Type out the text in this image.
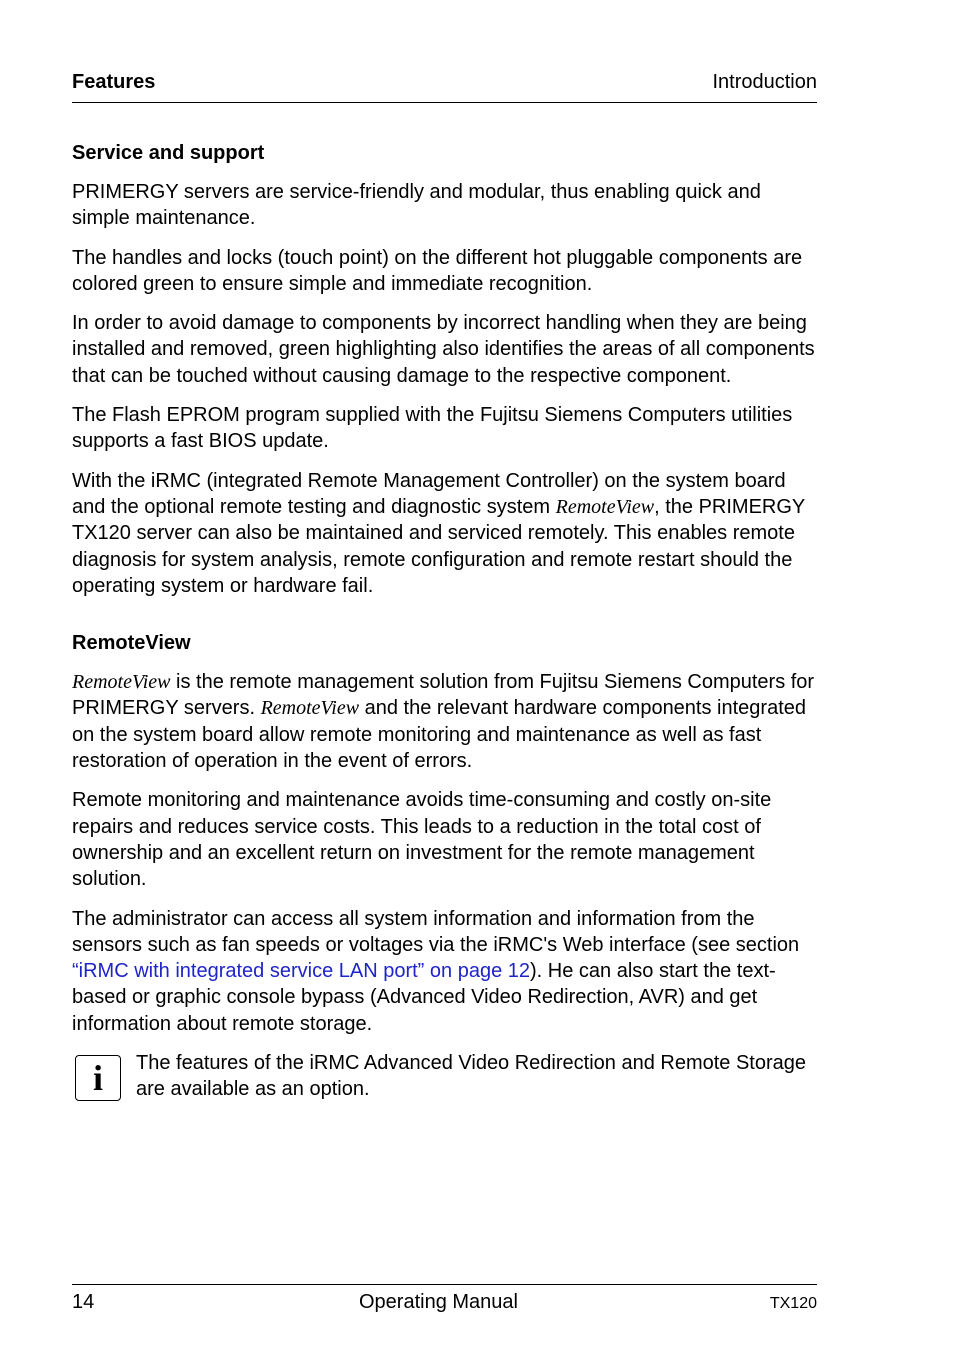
Features	Introduction
Service and support

PRIMERGY servers are service-friendly and modular, thus enabling quick and simple maintenance.

The handles and locks (touch point) on the different hot pluggable components are colored green to ensure simple and immediate recognition.

In order to avoid damage to components by incorrect handling when they are being installed and removed, green highlighting also identifies the areas of all components that can be touched without causing damage to the respective component.

The Flash EPROM program supplied with the Fujitsu Siemens Computers utilities supports a fast BIOS update.

With the iRMC (integrated Remote Management Controller) on the system board and the optional remote testing and diagnostic system RemoteView, the PRIMERGY TX120 server can also be maintained and serviced remotely. This enables remote diagnosis for system analysis, remote configuration and remote restart should the operating system or hardware fail.

RemoteView

RemoteView is the remote management solution from Fujitsu Siemens Computers for PRIMERGY servers. RemoteView and the relevant hardware components integrated on the system board allow remote monitoring and maintenance as well as fast restoration of operation in the event of errors.

Remote monitoring and maintenance avoids time-consuming and costly on-site repairs and reduces service costs. This leads to a reduction in the total cost of ownership and an excellent return on investment for the remote management solution.

The administrator can access all system information and information from the sensors such as fan speeds or voltages via the iRMC's Web interface (see section “iRMC with integrated service LAN port” on page 12). He can also start the text-based or graphic console bypass (Advanced Video Redirection, AVR) and get information about remote storage.

i	The features of the iRMC Advanced Video Redirection and Remote Storage are available as an option.
14	Operating Manual	TX120
